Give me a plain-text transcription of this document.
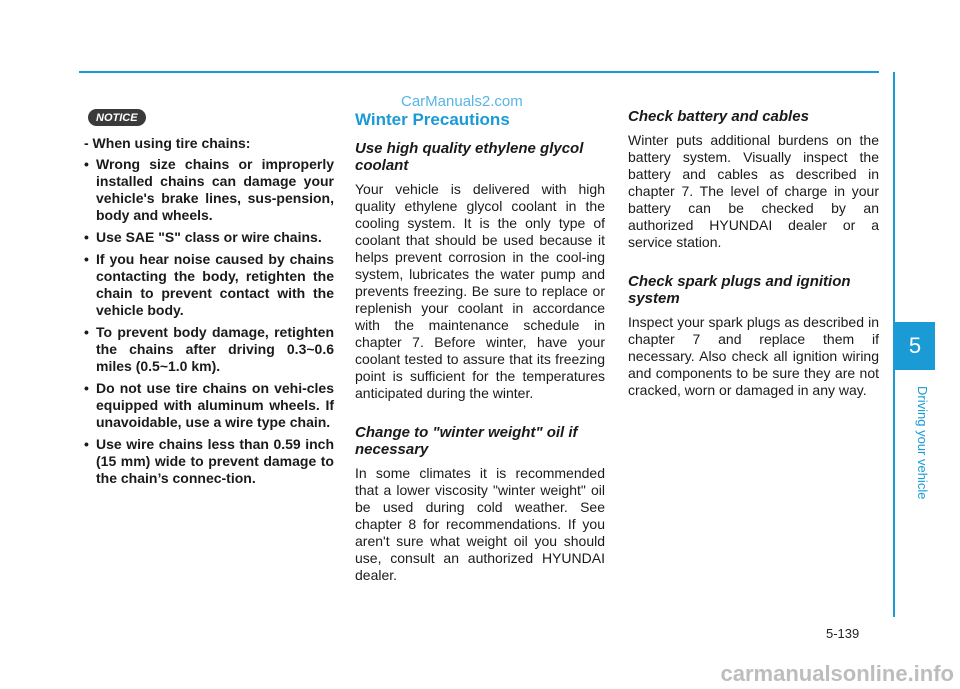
5
Driving your vehicle
CarManuals2.com
NOTICE
- When using tire chains:
• Wrong size chains or improperly installed chains can damage your vehicle's brake lines, sus-pension, body and wheels.
• Use SAE "S" class or wire chains.
• If you hear noise caused by chains contacting the body, retighten the chain to prevent contact with the vehicle body.
• To prevent body damage, retighten the chains after driving 0.3~0.6 miles (0.5~1.0 km).
• Do not use tire chains on vehi-cles equipped with aluminum wheels. If unavoidable, use a wire type chain.
• Use wire chains less than 0.59 inch (15 mm) wide to prevent damage to the chain’s connec-tion.
Winter Precautions
Use high quality ethylene glycol coolant

Your vehicle is delivered with high quality ethylene glycol coolant in the cooling system. It is the only type of coolant that should be used because it helps prevent corrosion in the cool-ing system, lubricates the water pump and prevents freezing. Be sure to replace or replenish your coolant in accordance with the maintenance schedule in chapter 7. Before winter, have your coolant tested to assure that its freezing point is sufficient for the temperatures anticipated during the winter.

Change to "winter weight" oil if necessary

In some climates it is recommended that a lower viscosity "winter weight" oil be used during cold weather. See chapter 8 for recommendations. If you aren't sure what weight oil you should use, consult an authorized HYUNDAI dealer.

Check battery and cables

Winter puts additional burdens on the battery system. Visually inspect the battery and cables as described in chapter 7. The level of charge in your battery can be checked by an authorized HYUNDAI dealer or a service station.

Check spark plugs and ignition system

Inspect your spark plugs as described in chapter 7 and replace them if necessary. Also check all ignition wiring and components to be sure they are not cracked, worn or damaged in any way.

5-139
carmanualsonline.info
